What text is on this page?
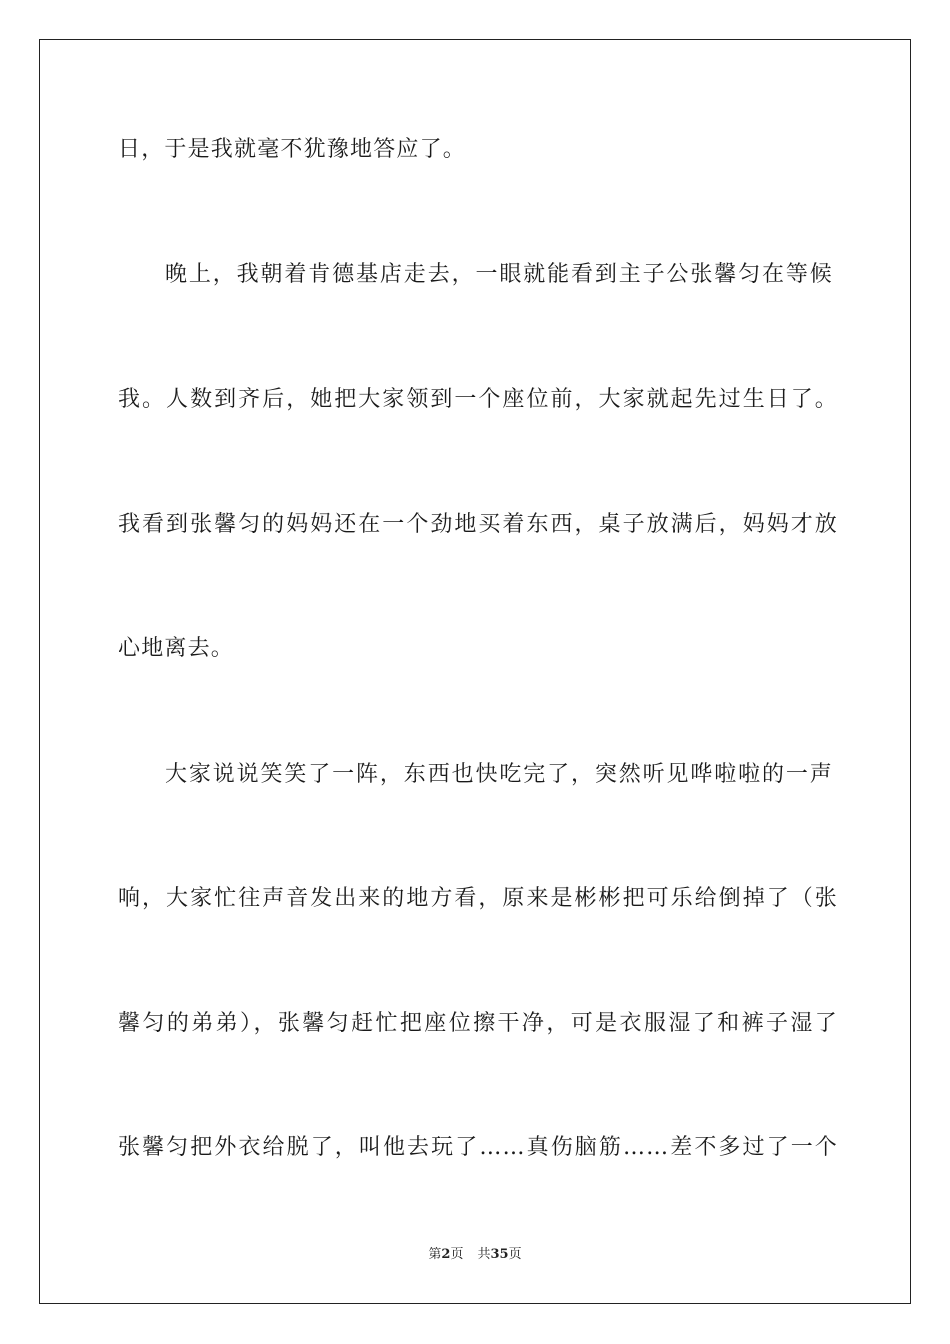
日，于是我就毫不犹豫地答应了。
晚上，我朝着肯德基店走去，一眼就能看到主子公张馨匀在等候
我。人数到齐后，她把大家领到一个座位前，大家就起先过生日了。
我看到张馨匀的妈妈还在一个劲地买着东西，桌子放满后，妈妈才放
心地离去。
大家说说笑笑了一阵，东西也快吃完了，突然听见哗啦啦的一声
响，大家忙往声音发出来的地方看，原来是彬彬把可乐给倒掉了（张
馨匀的弟弟），张馨匀赶忙把座位擦干净，可是衣服湿了和裤子湿了
张馨匀把外衣给脱了，叫他去玩了……真伤脑筋……差不多过了一个
第2页 共35页
